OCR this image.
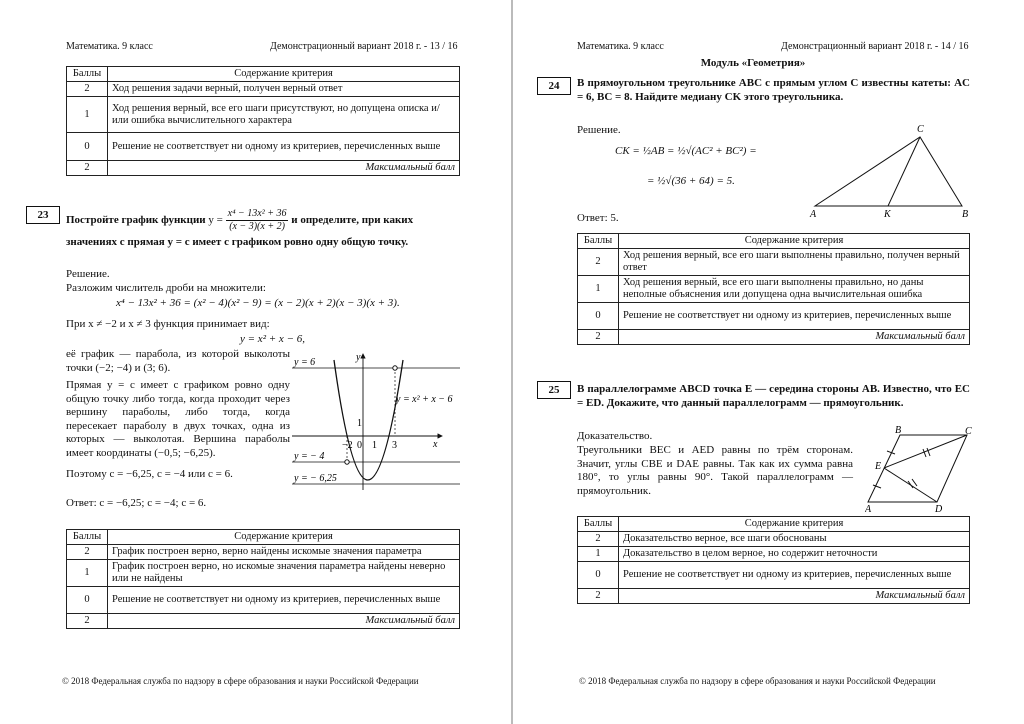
Математика. 9 класс	Демонстрационный вариант 2018 г. - 13 / 16
Баллы	Содержание критерия
2	Ход решения задачи верный, получен верный ответ
1	Ход решения верный, все его шаги присутствуют, но допущена описка и/или ошибка вычислительного характера
0	Решение не соответствует ни одному из критериев, перечисленных выше
2	Максимальный балл
23	Постройте график функции $y = \frac{\text{x⁴ − 13x² + 36}}{(x - 3)(x + 2)}$ и определите, при каких
значениях c прямая y = c имеет с графиком ровно одну общую точку.
Решение.
Разложим числитель дроби на множители:
x⁴ − 13x² + 36 = (x² − 4)(x² − 9) = (x − 2)(x + 2)(x − 3)(x + 3).
При x ≠ −2 и x ≠ 3 функция принимает вид:
y = x² + x − 6,
её график — парабола, из которой выколоты точки (−2; −4) и (3; 6).
Прямая y = c имеет с графиком ровно одну общую точку либо тогда, когда проходит через вершину параболы, либо тогда, когда пересекает параболу в двух точках, одна из которых — выколотая. Вершина параболы имеет координаты (−0,5; −6,25).
Поэтому c = −6,25, c = −4 или c = 6.
Ответ: c = −6,25; c = −4; c = 6.
y = 6
y = − 4
y = − 6,25
y = x² + x − 6
x
y
−2 0 1 3
1
Баллы	Содержание критерия
2	График построен верно, верно найдены искомые значения параметра
1	График построен верно, но искомые значения параметра найдены неверно или не найдены
0	Решение не соответствует ни одному из критериев, перечисленных выше
2	Максимальный балл
© 2018 Федеральная служба по надзору в сфере образования и науки Российской Федерации
Математика. 9 класс	Демонстрационный вариант 2018 г. - 14 / 16
Модуль «Геометрия»
24	В прямоугольном треугольнике ABC с прямым углом C известны катеты: AC = 6, BC = 8. Найдите медиану CK этого треугольника.
Решение.
CK = ½AB = ½√(AC² + BC²) =
= ½√(36 + 64) = 5.
Ответ: 5.	A	B
C
K
Баллы	Содержание критерия
2	Ход решения верный, все его шаги выполнены правильно, получен верный ответ
1	Ход решения верный, все его шаги выполнены правильно, но даны неполные объяснения или допущена одна вычислительная ошибка
0	Решение не соответствует ни одному из критериев, перечисленных выше
2	Максимальный балл
25	В параллелограмме ABCD точка E — середина стороны AB. Известно, что EC = ED. Докажите, что данный параллелограмм — прямоугольник.
Доказательство.
Треугольники BEC и AED равны по трём сторонам. Значит, углы CBE и DAE равны. Так как их сумма равна 180°, то углы равны 90°. Такой параллелограмм — прямоугольник.
B	C
D
A
E
Баллы	Содержание критерия
2	Доказательство верное, все шаги обоснованы
1	Доказательство в целом верное, но содержит неточности
0	Решение не соответствует ни одному из критериев, перечисленных выше
2	Максимальный балл
© 2018 Федеральная служба по надзору в сфере образования и науки Российской Федерации
